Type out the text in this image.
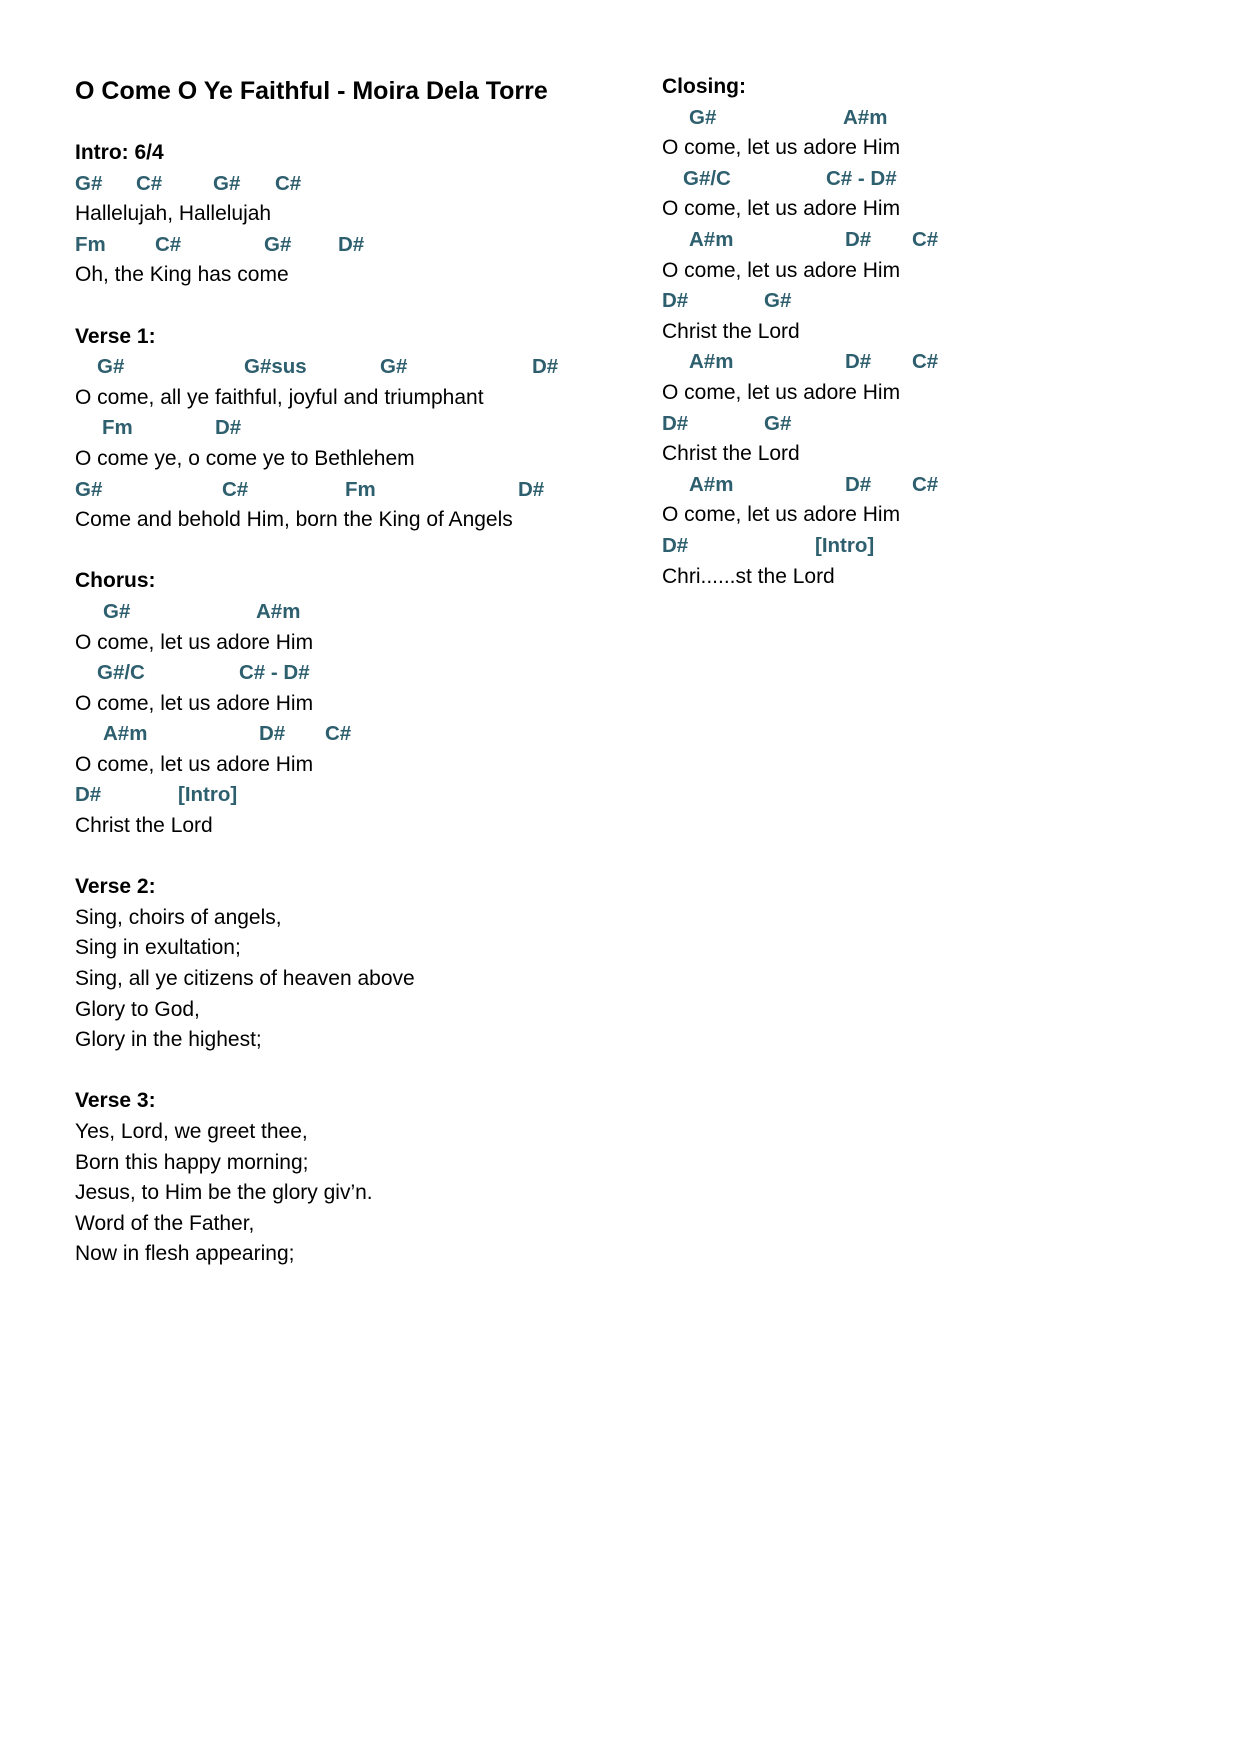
O Come O Ye Faithful - Moira Dela Torre
Intro: 6/4
G# C# G# C#
Hallelujah, Hallelujah
Fm C#	G# D#
Oh, the King has come
Verse 1:
G#	G#sus	G#	D#
O come, all ye faithful, joyful and triumphant
Fm	D#
O come ye, o come ye to Bethlehem
G#	C#	Fm	D#
Come and behold Him, born the King of Angels
Chorus:
G#	A#m
O come, let us adore Him
G#/C	C# - D#
O come, let us adore Him
A#m	D# C#
O come, let us adore Him
D#	[Intro]
Christ the Lord
Verse 2:
Sing, choirs of angels,
Sing in exultation;
Sing, all ye citizens of heaven above
Glory to God,
Glory in the highest;
Verse 3:
Yes, Lord, we greet thee,
Born this happy morning;
Jesus, to Him be the glory giv’n.
Word of the Father,
Now in flesh appearing;
Closing:
G#	A#m
O come, let us adore Him
G#/C	C# - D#
O come, let us adore Him
A#m	D# C#
O come, let us adore Him
D#	G#
Christ the Lord
A#m	D# C#
O come, let us adore Him
D#	G#
Christ the Lord
A#m	D# C#
O come, let us adore Him
D#	[Intro]
Chri......st the Lord
